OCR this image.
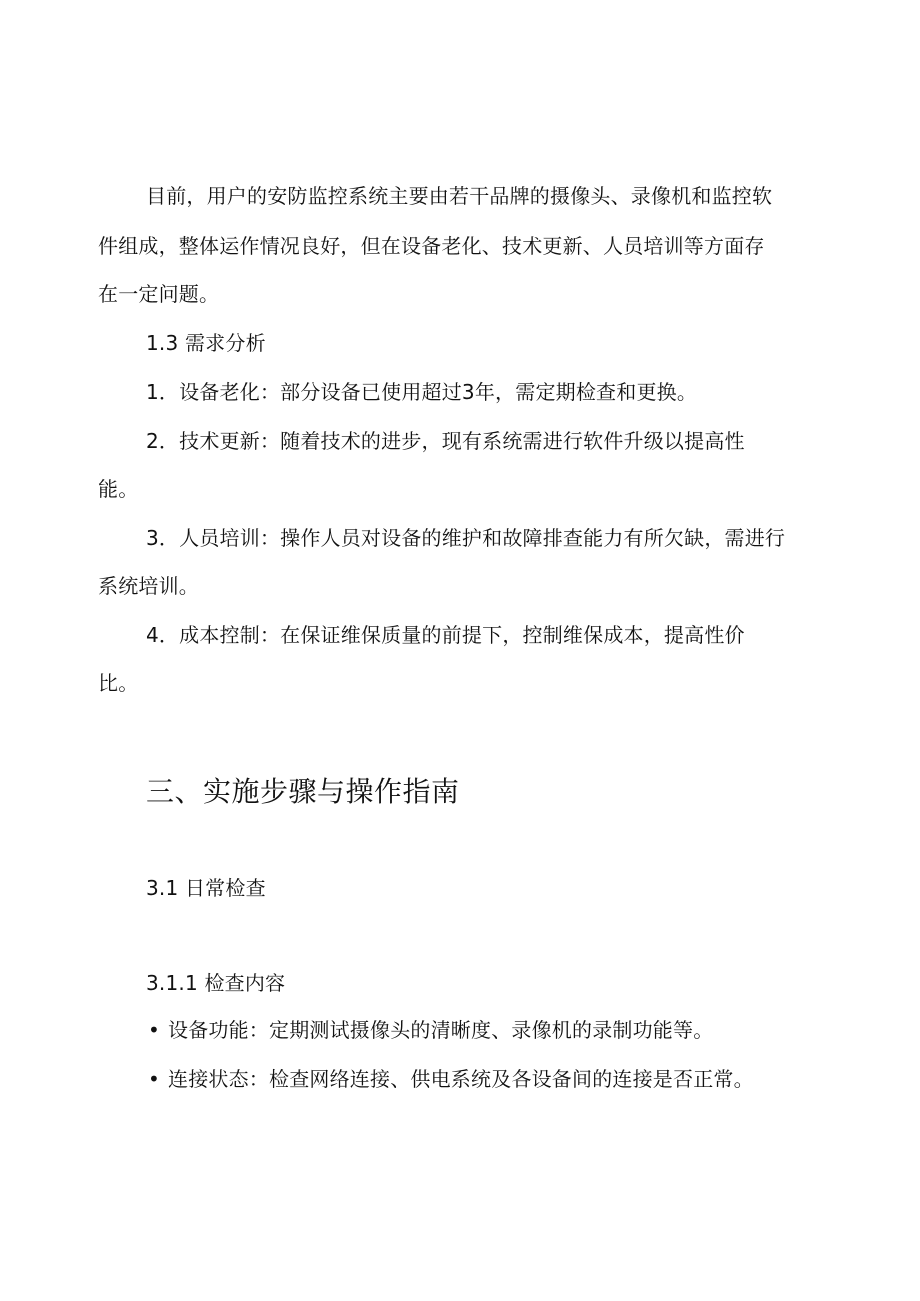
目前，用户的安防监控系统主要由若干品牌的摄像头、录像机和监控软
件组成，整体运作情况良好，但在设备老化、技术更新、人员培训等方面存
在一定问题。
1.3 需求分析
1．设备老化：部分设备已使用超过3年，需定期检查和更换。
2．技术更新：随着技术的进步，现有系统需进行软件升级以提高性
能。
3．人员培训：操作人员对设备的维护和故障排查能力有所欠缺，需进行
系统培训。
4．成本控制：在保证维保质量的前提下，控制维保成本，提高性价
比。
三、实施步骤与操作指南
3.1 日常检查
3.1.1 检查内容
• 设备功能：定期测试摄像头的清晰度、录像机的录制功能等。
• 连接状态：检查网络连接、供电系统及各设备间的连接是否正常。
